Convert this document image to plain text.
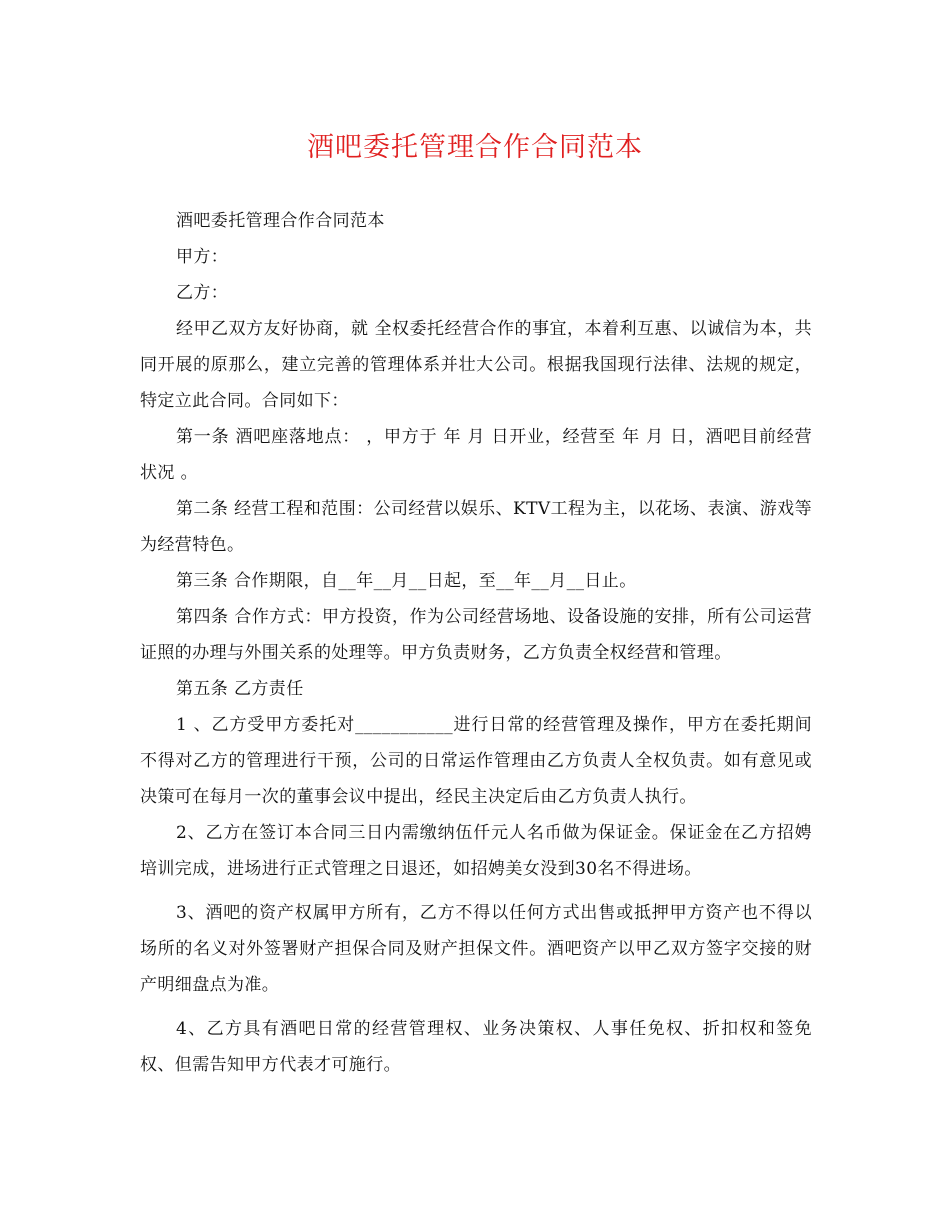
酒吧委托管理合作合同范本

酒吧委托管理合作合同范本

甲方：

乙方：

经甲乙双方友好协商，就 全权委托经营合作的事宜，本着利互惠、以诚信为本，共同开展的原那么，建立完善的管理体系并壮大公司。根据我国现行法律、法规的规定，特定立此合同。合同如下：

第一条 酒吧座落地点： ，甲方于 年 月 日开业，经营至 年 月 日，酒吧目前经营状况 。

第二条 经营工程和范围：公司经营以娱乐、KTV工程为主，以花场、表演、游戏等为经营特色。

第三条 合作期限，自__年__月__日起，至__年__月__日止。

第四条 合作方式：甲方投资，作为公司经营场地、设备设施的安排，所有公司运营证照的办理与外围关系的处理等。甲方负责财务，乙方负责全权经营和管理。

第五条 乙方责任

1 、乙方受甲方委托对___________进行日常的经营管理及操作，甲方在委托期间不得对乙方的管理进行干预，公司的日常运作管理由乙方负责人全权负责。如有意见或决策可在每月一次的董事会议中提出，经民主决定后由乙方负责人执行。

2、乙方在签订本合同三日内需缴纳伍仟元人名币做为保证金。保证金在乙方招娉培训完成，进场进行正式管理之日退还，如招娉美女没到30名不得进场。

3、酒吧的资产权属甲方所有，乙方不得以任何方式出售或抵押甲方资产也不得以场所的名义对外签署财产担保合同及财产担保文件。酒吧资产以甲乙双方签字交接的财产明细盘点为准。

4、乙方具有酒吧日常的经营管理权、业务决策权、人事任免权、折扣权和签免权、但需告知甲方代表才可施行。
